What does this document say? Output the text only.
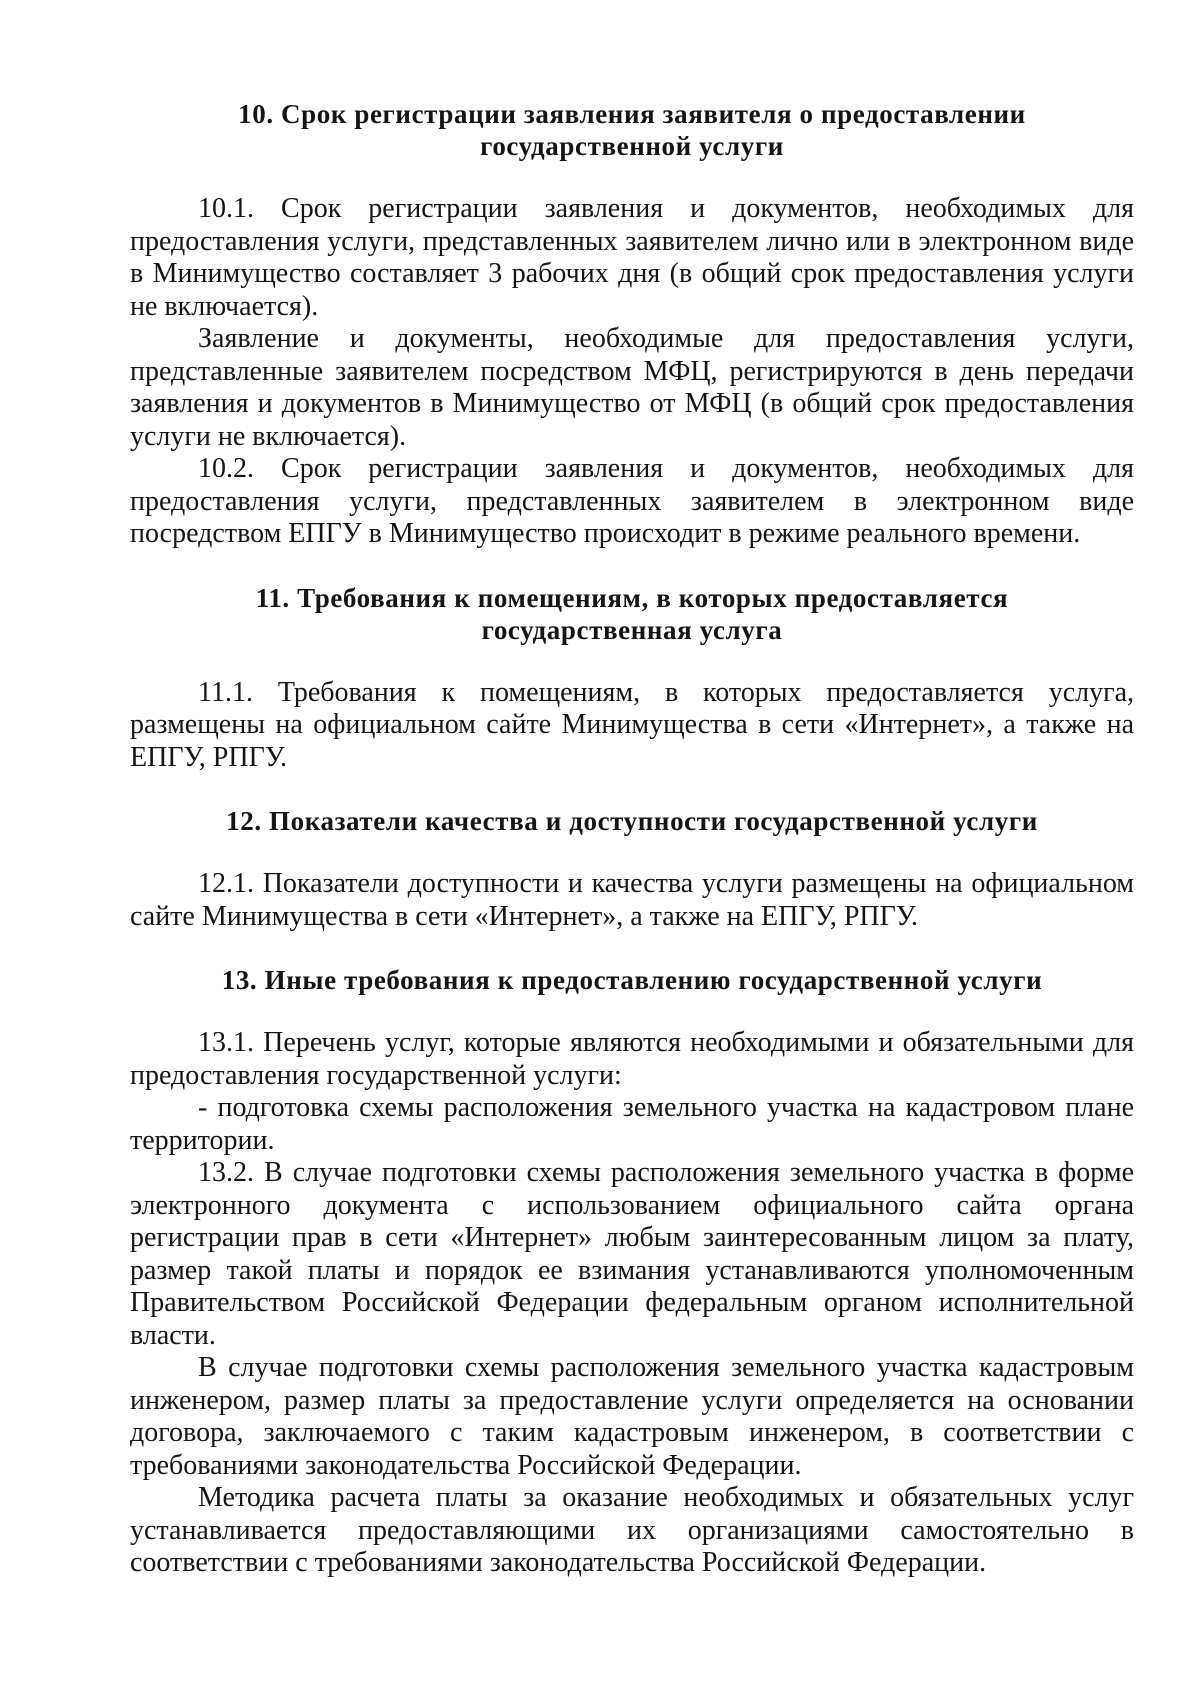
10. Срок регистрации заявления заявителя о предоставлении
государственной услуги

10.1. Срок регистрации заявления и документов, необходимых для предоставления услуги, представленных заявителем лично или в электронном виде в Минимущество составляет 3 рабочих дня (в общий срок предоставления услуги не включается).

Заявление и документы, необходимые для предоставления услуги, представленные заявителем посредством МФЦ, регистрируются в день передачи заявления и документов в Минимущество от МФЦ (в общий срок предоставления услуги не включается).

10.2. Срок регистрации заявления и документов, необходимых для предоставления услуги, представленных заявителем в электронном виде посредством ЕПГУ в Минимущество происходит в режиме реального времени.

11. Требования к помещениям, в которых предоставляется
государственная услуга

11.1. Требования к помещениям, в которых предоставляется услуга, размещены на официальном сайте Минимущества в сети «Интернет», а также на ЕПГУ, РПГУ.

12. Показатели качества и доступности государственной услуги

12.1. Показатели доступности и качества услуги размещены на официальном сайте Минимущества в сети «Интернет», а также на ЕПГУ, РПГУ.

13. Иные требования к предоставлению государственной услуги

13.1. Перечень услуг, которые являются необходимыми и обязательными для предоставления государственной услуги:

- подготовка схемы расположения земельного участка на кадастровом плане территории.

13.2. В случае подготовки схемы расположения земельного участка в форме электронного документа с использованием официального сайта органа регистрации прав в сети «Интернет» любым заинтересованным лицом за плату, размер такой платы и порядок ее взимания устанавливаются уполномоченным Правительством Российской Федерации федеральным органом исполнительной власти.

В случае подготовки схемы расположения земельного участка кадастровым инженером, размер платы за предоставление услуги определяется на основании договора, заключаемого с таким кадастровым инженером, в соответствии с требованиями законодательства Российской Федерации.

Методика расчета платы за оказание необходимых и обязательных услуг устанавливается предоставляющими их организациями самостоятельно в соответствии с требованиями законодательства Российской Федерации.
